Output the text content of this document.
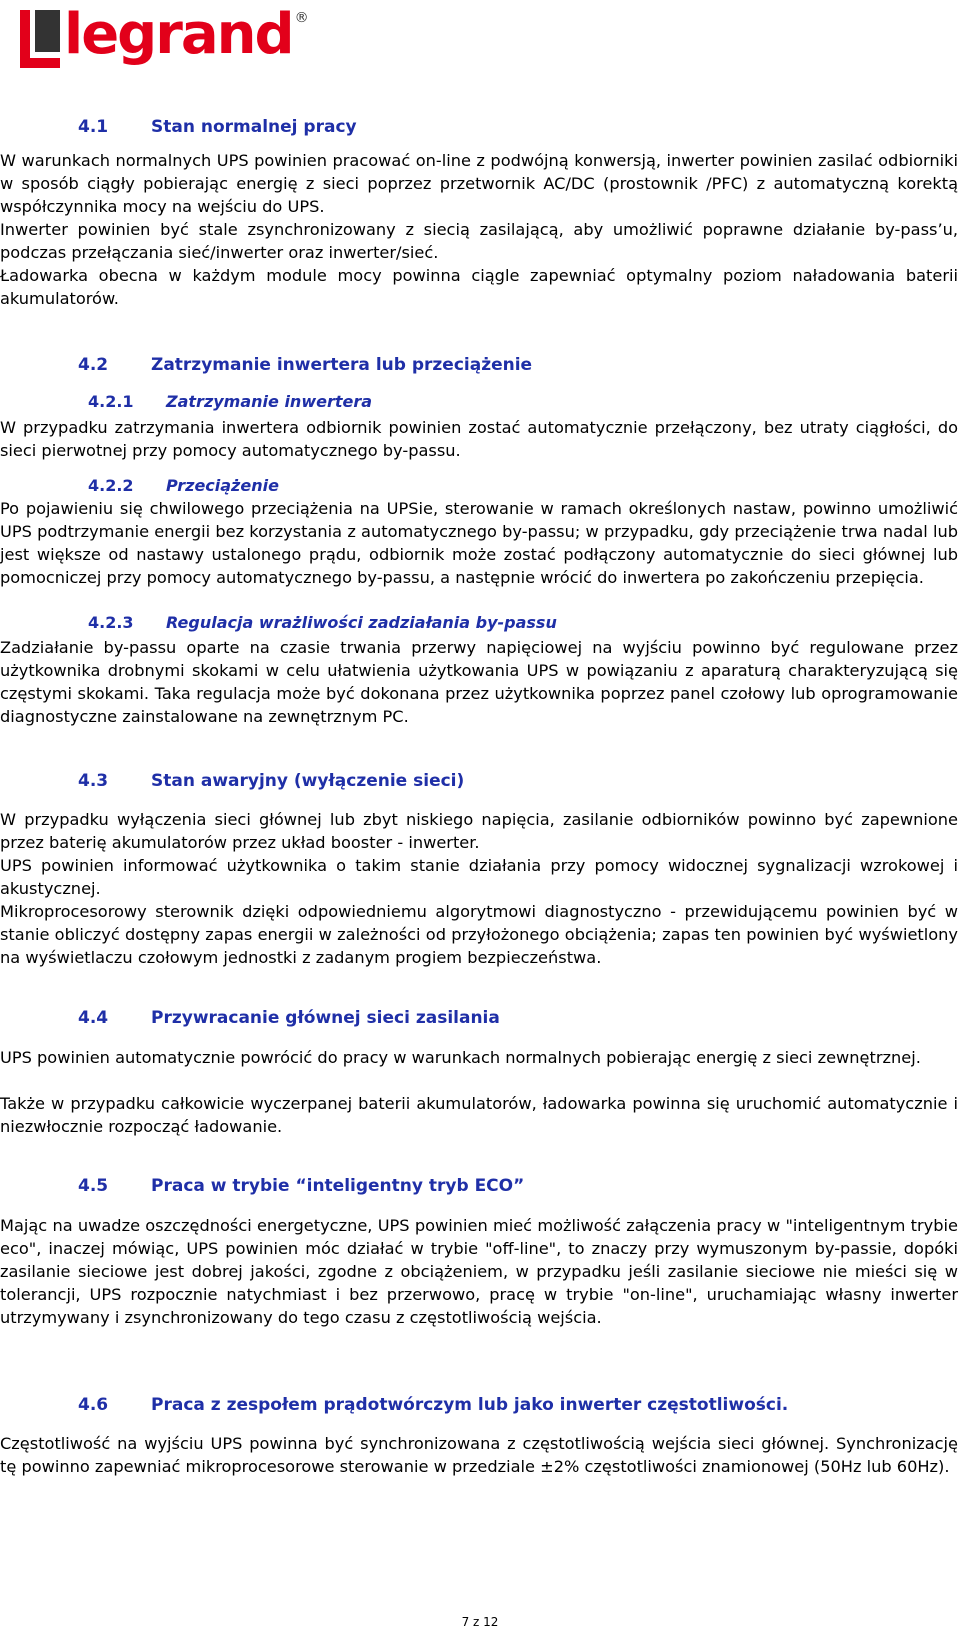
legrand ®
4.1	Stan normalnej pracy

W warunkach normalnych UPS powinien pracować on-line z podwójną konwersją, inwerter powinien zasilać odbiorniki w sposób ciągły pobierając energię z sieci poprzez przetwornik AC/DC (prostownik /PFC) z automatyczną korektą współczynnika mocy na wejściu do UPS.

Inwerter powinien być stale zsynchronizowany z siecią zasilającą, aby umożliwić poprawne działanie by-pass’u, podczas przełączania sieć/inwerter oraz inwerter/sieć.

Ładowarka obecna w każdym module mocy powinna ciągle zapewniać optymalny poziom naładowania baterii akumulatorów.

4.2	Zatrzymanie inwertera lub przeciążenie
4.2.1 Zatrzymanie inwertera

W przypadku zatrzymania inwertera odbiornik powinien zostać automatycznie przełączony, bez utraty ciągłości, do sieci pierwotnej przy pomocy automatycznego by-passu.

4.2.2 Przeciążenie

Po pojawieniu się chwilowego przeciążenia na UPSie, sterowanie w ramach określonych nastaw, powinno umożliwić UPS podtrzymanie energii bez korzystania z automatycznego by-passu; w przypadku, gdy przeciążenie trwa nadal lub jest większe od nastawy ustalonego prądu, odbiornik może zostać podłączony automatycznie do sieci głównej lub pomocniczej przy pomocy automatycznego by-passu, a następnie wrócić do inwertera po zakończeniu przepięcia.

4.2.3 Regulacja wrażliwości zadziałania by-passu

Zadziałanie by-passu oparte na czasie trwania przerwy napięciowej na wyjściu powinno być regulowane przez użytkownika drobnymi skokami w celu ułatwienia użytkowania UPS w powiązaniu z aparaturą charakteryzującą się częstymi skokami. Taka regulacja może być dokonana przez użytkownika poprzez panel czołowy lub oprogramowanie diagnostyczne zainstalowane na zewnętrznym PC.

4.3	Stan awaryjny (wyłączenie sieci)

W przypadku wyłączenia sieci głównej lub zbyt niskiego napięcia, zasilanie odbiorników powinno być zapewnione przez baterię akumulatorów przez układ booster - inwerter.

UPS powinien informować użytkownika o takim stanie działania przy pomocy widocznej sygnalizacji wzrokowej i akustycznej.

Mikroprocesorowy sterownik dzięki odpowiedniemu algorytmowi diagnostyczno - przewidującemu powinien być w stanie obliczyć dostępny zapas energii w zależności od przyłożonego obciążenia; zapas ten powinien być wyświetlony na wyświetlaczu czołowym jednostki z zadanym progiem bezpieczeństwa.

4.4	Przywracanie głównej sieci zasilania

UPS powinien automatycznie powrócić do pracy w warunkach normalnych pobierając energię z sieci zewnętrznej.

Także w przypadku całkowicie wyczerpanej baterii akumulatorów, ładowarka powinna się uruchomić automatycznie i niezwłocznie rozpocząć ładowanie.

4.5	Praca w trybie “inteligentny tryb ECO”

Mając na uwadze oszczędności energetyczne, UPS powinien mieć możliwość załączenia pracy w "inteligentnym trybie eco", inaczej mówiąc, UPS powinien móc działać w trybie "off-line", to znaczy przy wymuszonym by-passie, dopóki zasilanie sieciowe jest dobrej jakości, zgodne z obciążeniem, w przypadku jeśli zasilanie sieciowe nie mieści się w tolerancji, UPS rozpocznie natychmiast i bez przerwowo, pracę w trybie "on-line", uruchamiając własny inwerter utrzymywany i zsynchronizowany do tego czasu z częstotliwością wejścia.

4.6	Praca z zespołem prądotwórczym lub jako inwerter częstotliwości.

Częstotliwość na wyjściu UPS powinna być synchronizowana z częstotliwością wejścia sieci głównej. Synchronizację tę powinno zapewniać mikroprocesorowe sterowanie w przedziale ±2% częstotliwości znamionowej (50Hz lub 60Hz).

7 z 12
